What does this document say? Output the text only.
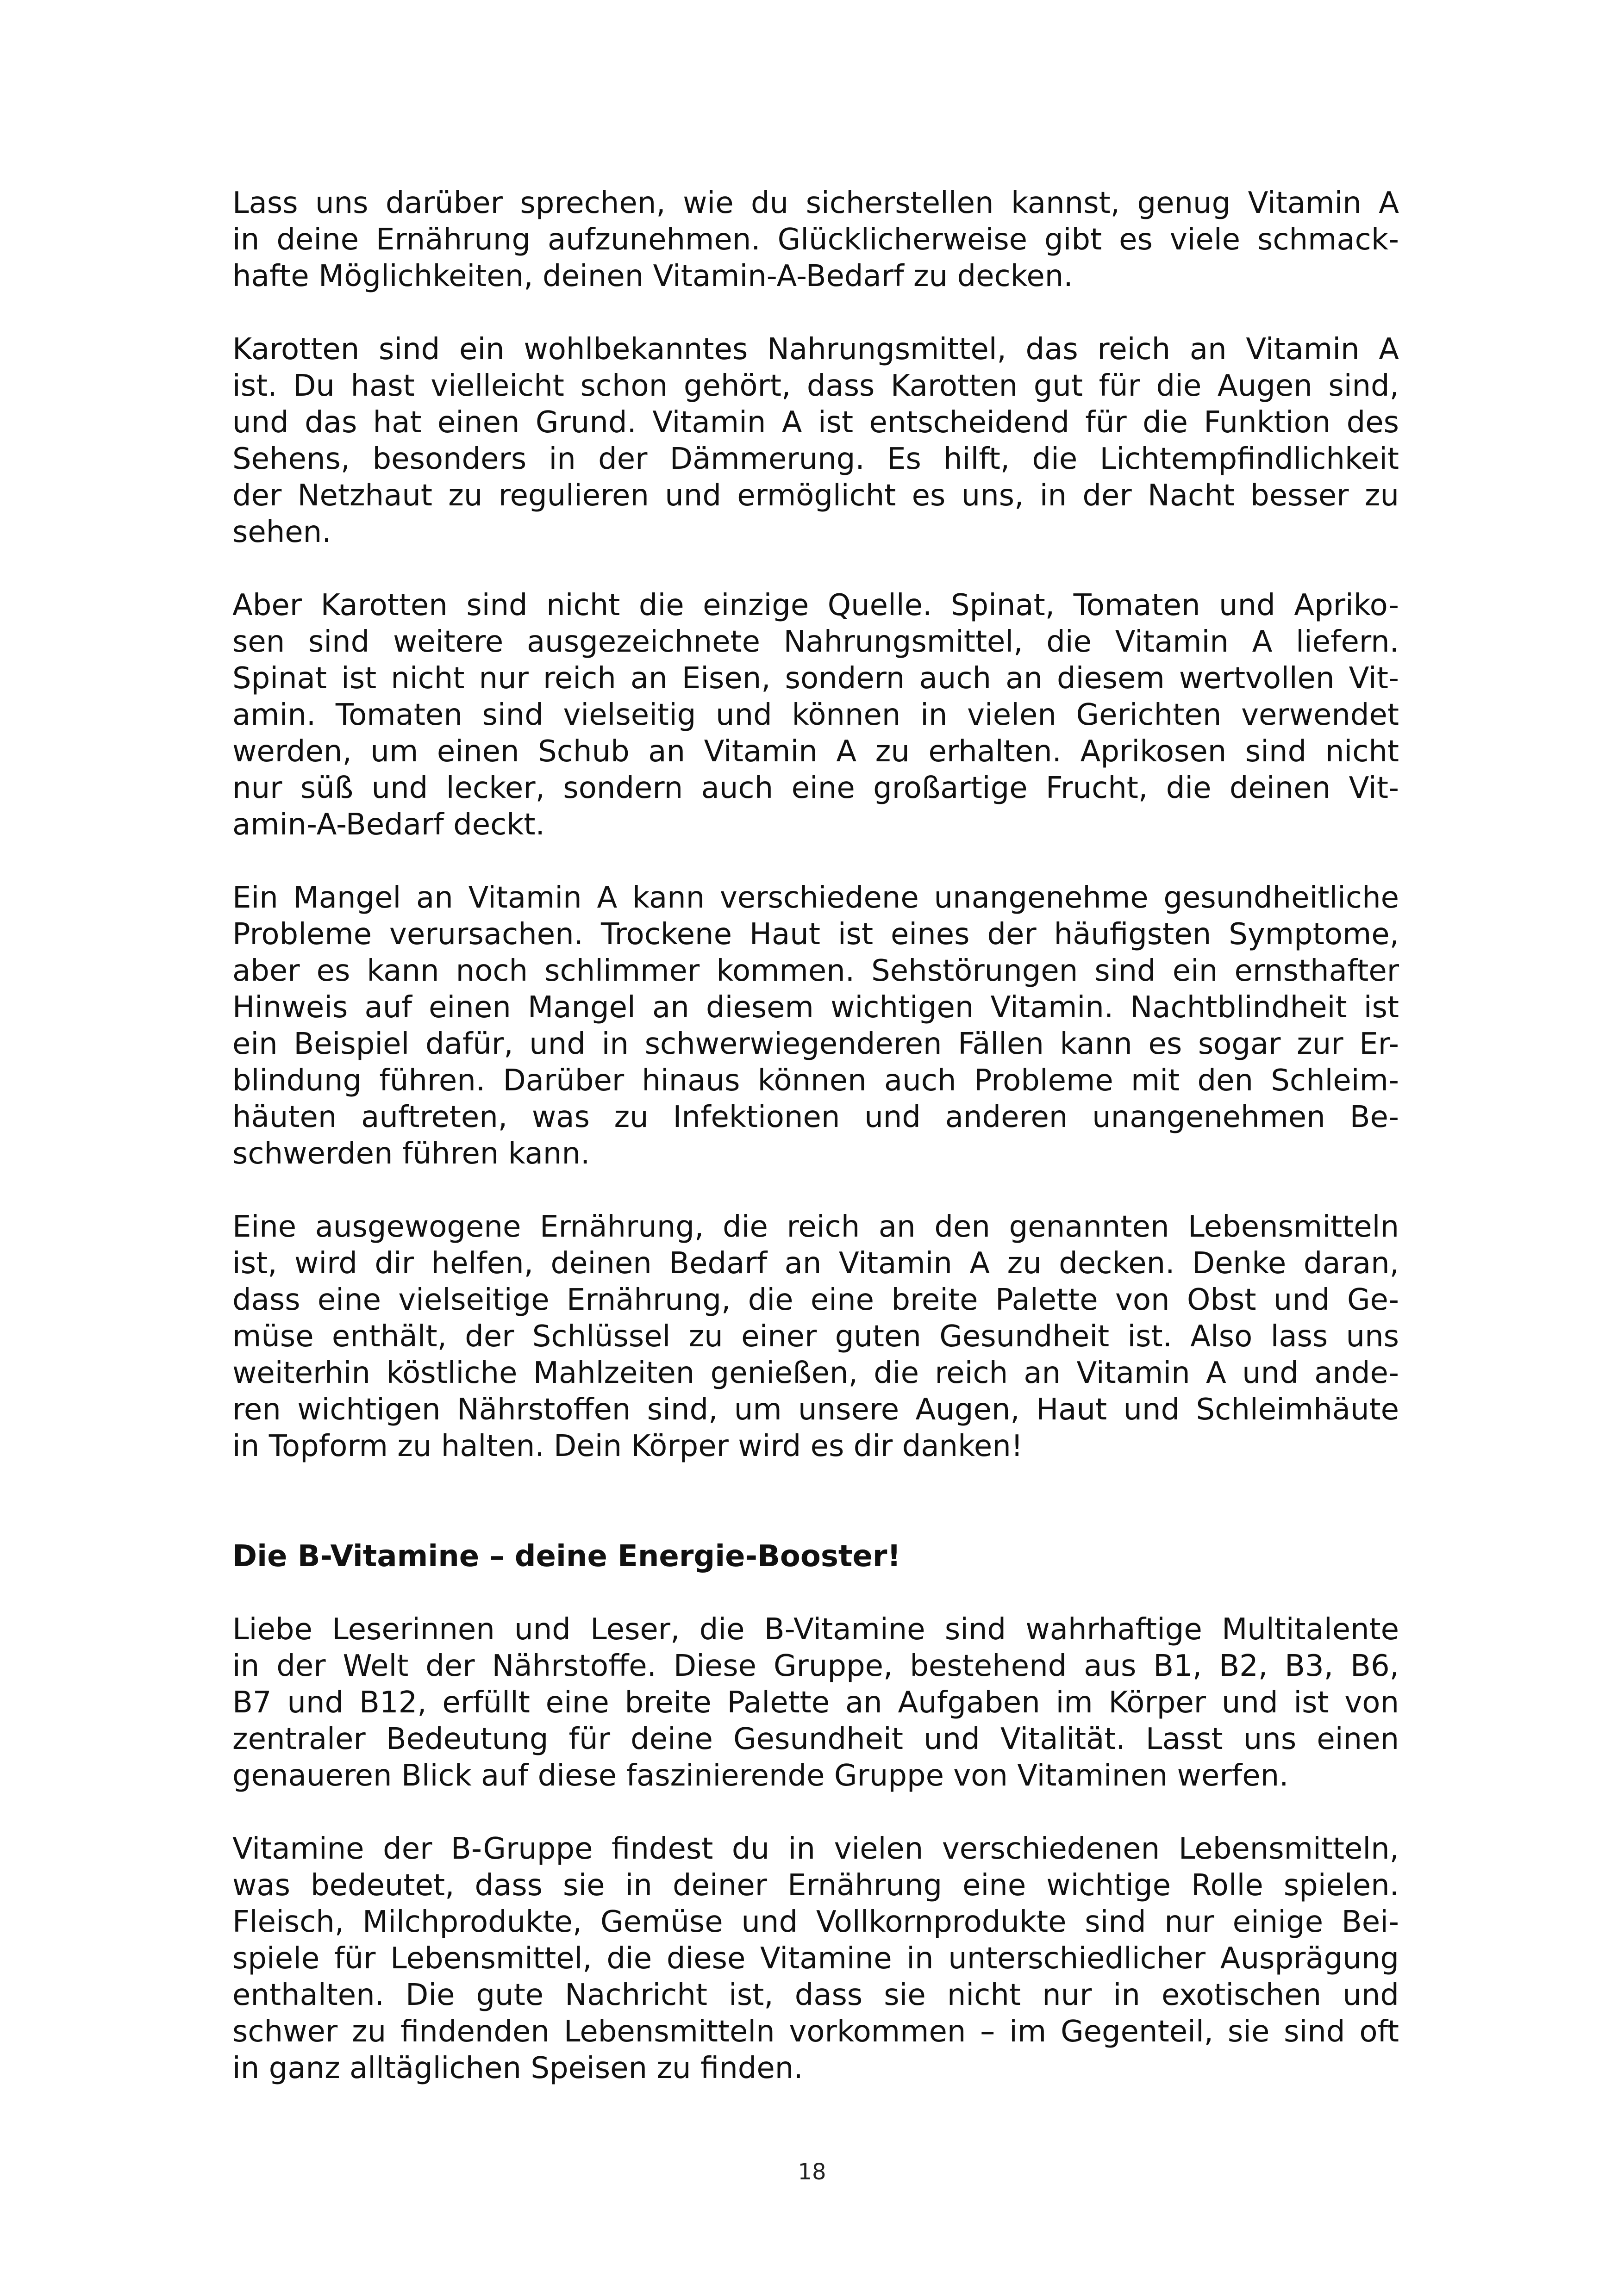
Lass uns darüber sprechen, wie du sicherstellen kannst, genug Vitamin A
in deine Ernährung aufzunehmen. Glücklicherweise gibt es viele schmack-
hafte Möglichkeiten, deinen Vitamin-A-Bedarf zu decken.
Karotten sind ein wohlbekanntes Nahrungsmittel, das reich an Vitamin A
ist. Du hast vielleicht schon gehört, dass Karotten gut für die Augen sind,
und das hat einen Grund. Vitamin A ist entscheidend für die Funktion des
Sehens, besonders in der Dämmerung. Es hilft, die Lichtempfindlichkeit
der Netzhaut zu regulieren und ermöglicht es uns, in der Nacht besser zu
sehen.
Aber Karotten sind nicht die einzige Quelle. Spinat, Tomaten und Apriko-
sen sind weitere ausgezeichnete Nahrungsmittel, die Vitamin A liefern.
Spinat ist nicht nur reich an Eisen, sondern auch an diesem wertvollen Vit-
amin. Tomaten sind vielseitig und können in vielen Gerichten verwendet
werden, um einen Schub an Vitamin A zu erhalten. Aprikosen sind nicht
nur süß und lecker, sondern auch eine großartige Frucht, die deinen Vit-
amin-A-Bedarf deckt.
Ein Mangel an Vitamin A kann verschiedene unangenehme gesundheitliche
Probleme verursachen. Trockene Haut ist eines der häufigsten Symptome,
aber es kann noch schlimmer kommen. Sehstörungen sind ein ernsthafter
Hinweis auf einen Mangel an diesem wichtigen Vitamin. Nachtblindheit ist
ein Beispiel dafür, und in schwerwiegenderen Fällen kann es sogar zur Er-
blindung führen. Darüber hinaus können auch Probleme mit den Schleim-
häuten auftreten, was zu Infektionen und anderen unangenehmen Be-
schwerden führen kann.
Eine ausgewogene Ernährung, die reich an den genannten Lebensmitteln
ist, wird dir helfen, deinen Bedarf an Vitamin A zu decken. Denke daran,
dass eine vielseitige Ernährung, die eine breite Palette von Obst und Ge-
müse enthält, der Schlüssel zu einer guten Gesundheit ist. Also lass uns
weiterhin köstliche Mahlzeiten genießen, die reich an Vitamin A und ande-
ren wichtigen Nährstoffen sind, um unsere Augen, Haut und Schleimhäute
in Topform zu halten. Dein Körper wird es dir danken!
Die B-Vitamine – deine Energie-Booster!
Liebe Leserinnen und Leser, die B-Vitamine sind wahrhaftige Multitalente
in der Welt der Nährstoffe. Diese Gruppe, bestehend aus B1, B2, B3, B6,
B7 und B12, erfüllt eine breite Palette an Aufgaben im Körper und ist von
zentraler Bedeutung für deine Gesundheit und Vitalität. Lasst uns einen
genaueren Blick auf diese faszinierende Gruppe von Vitaminen werfen.
Vitamine der B-Gruppe findest du in vielen verschiedenen Lebensmitteln,
was bedeutet, dass sie in deiner Ernährung eine wichtige Rolle spielen.
Fleisch, Milchprodukte, Gemüse und Vollkornprodukte sind nur einige Bei-
spiele für Lebensmittel, die diese Vitamine in unterschiedlicher Ausprägung
enthalten. Die gute Nachricht ist, dass sie nicht nur in exotischen und
schwer zu findenden Lebensmitteln vorkommen – im Gegenteil, sie sind oft
in ganz alltäglichen Speisen zu finden.
18
